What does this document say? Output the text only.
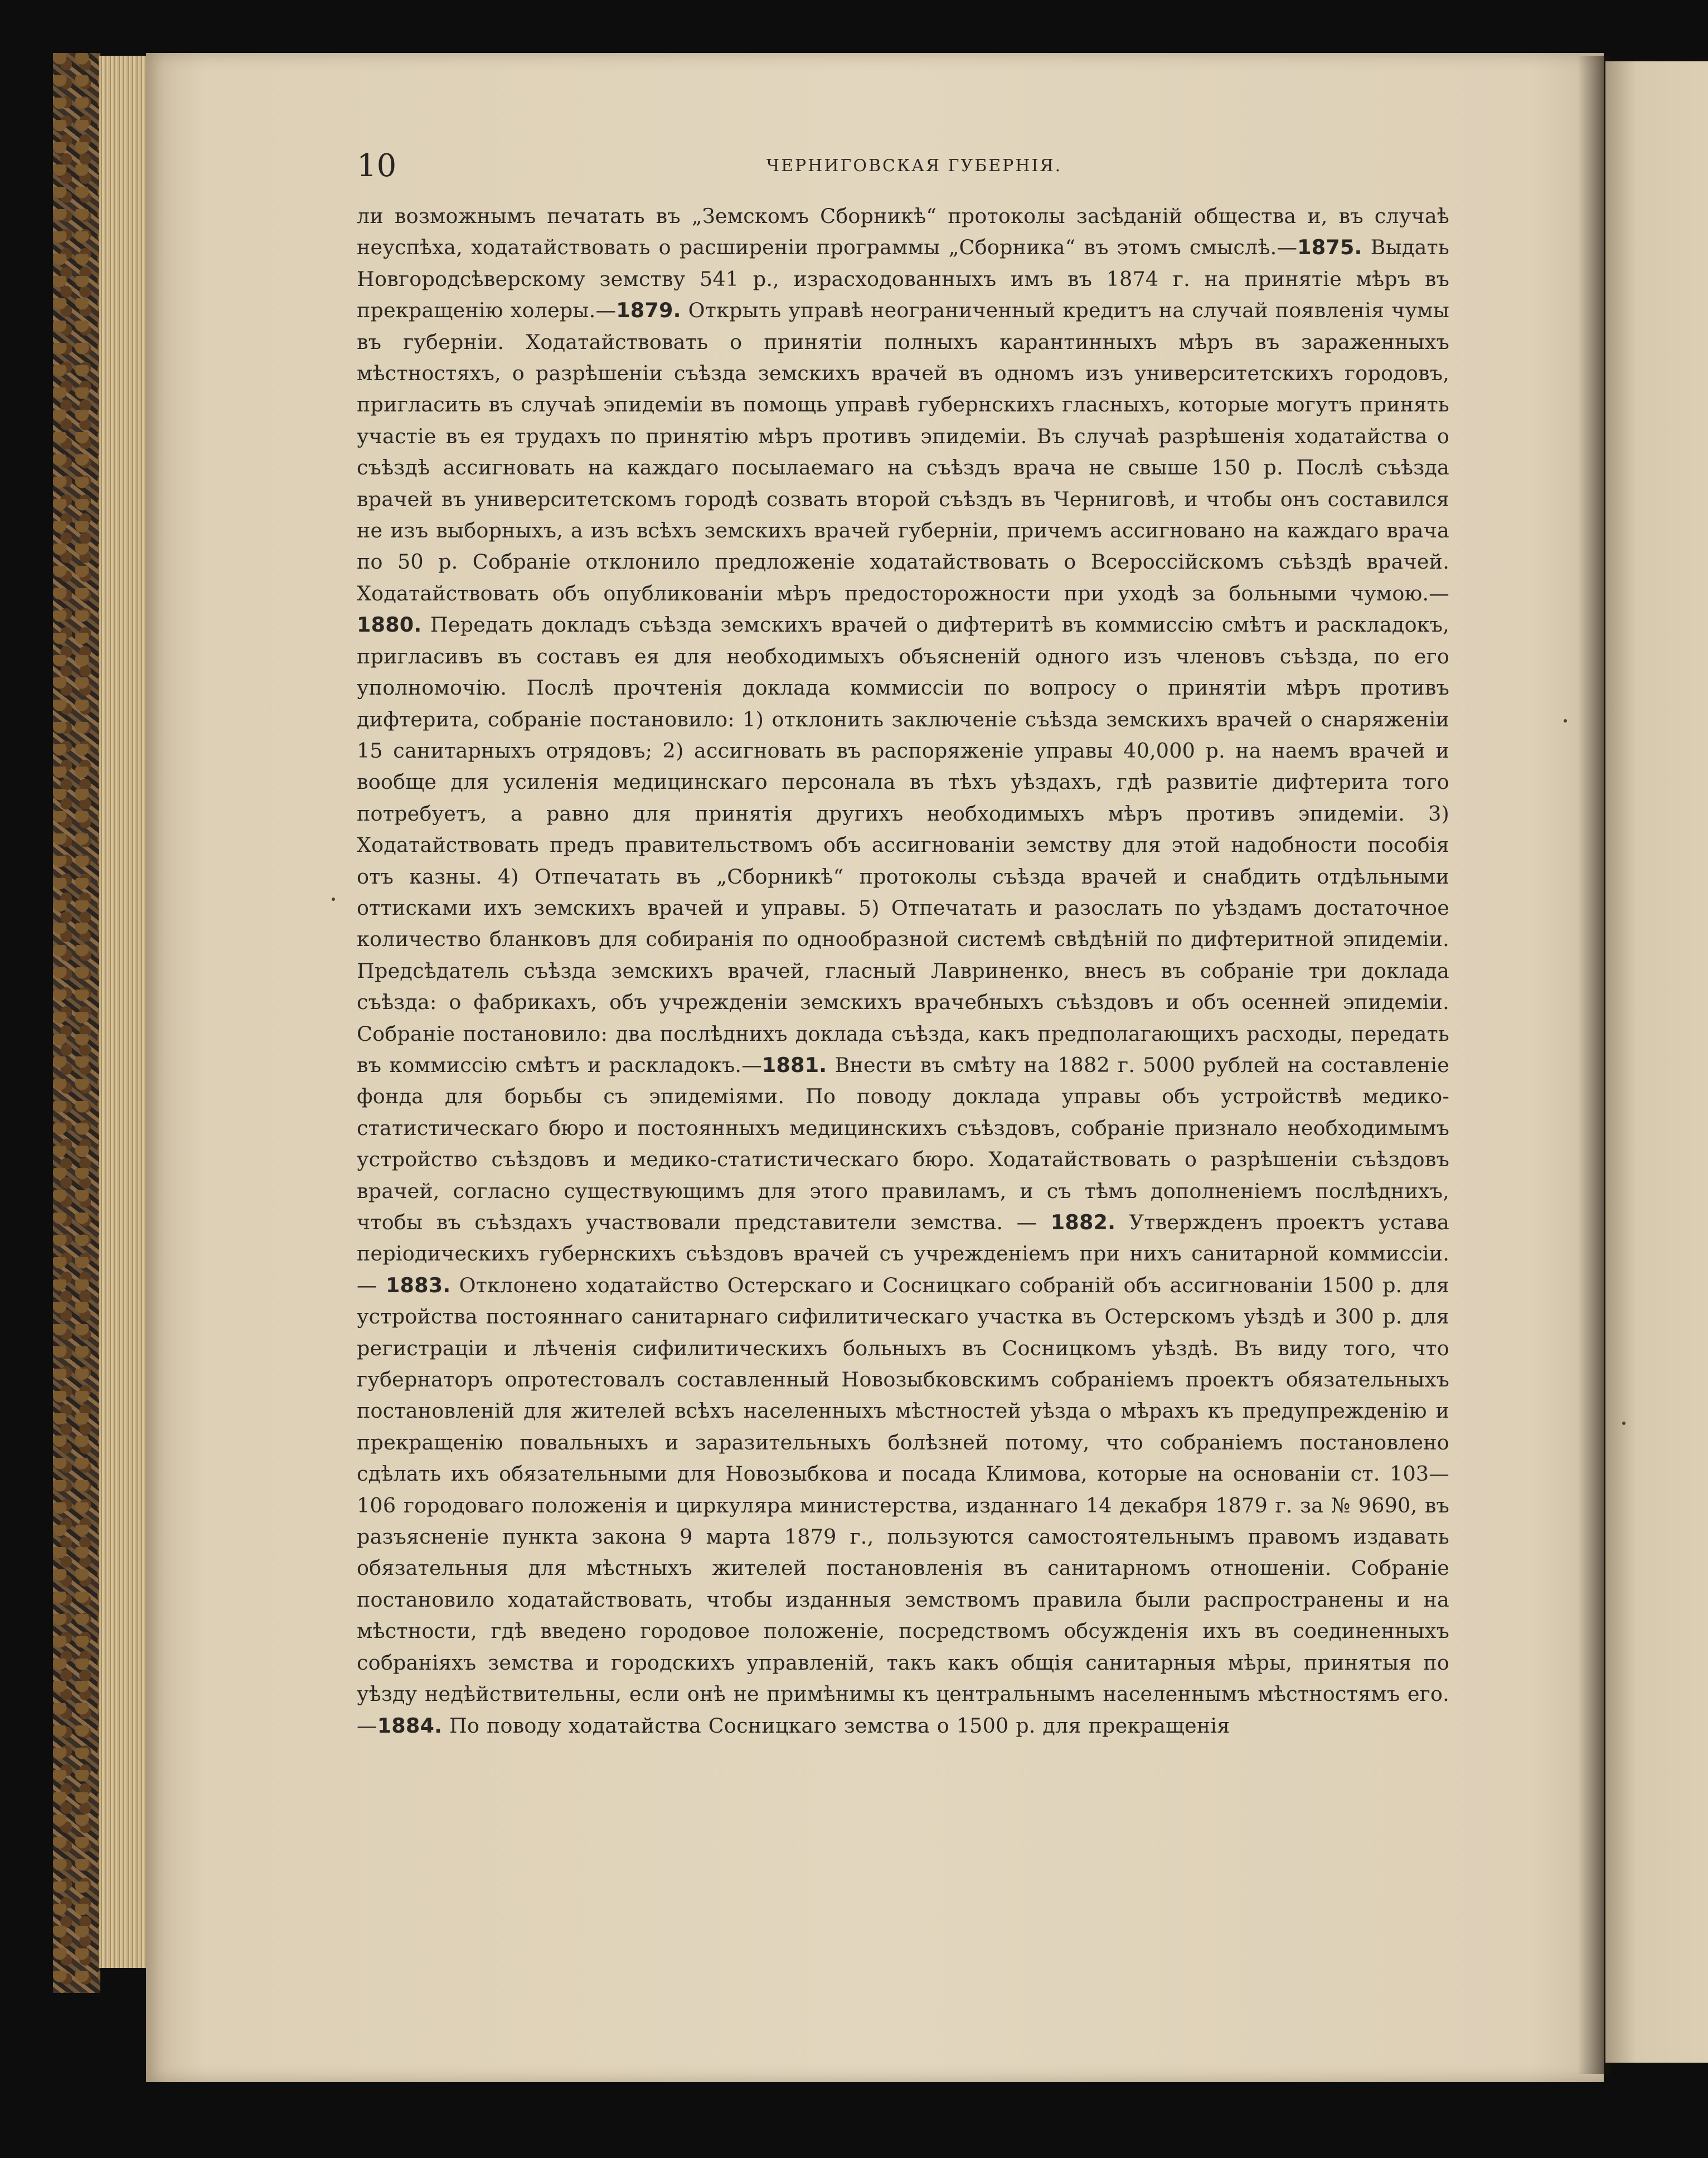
10	ЧЕРНИГОВСКАЯ ГУБЕРНІЯ.

ли возможнымъ печатать въ „Земскомъ Сборникѣ“ протоколы засѣданій общества и, въ случаѣ неуспѣха, ходатайствовать о расширеніи программы „Сборника“ въ этомъ смыслѣ.—1875. Выдать Новгородсѣверскому земству 541 р., израсходованныхъ имъ въ 1874 г. на принятіе мѣръ въ прекращенію холеры.—1879. Открыть управѣ неограниченный кредитъ на случай появленія чумы въ губерніи. Ходатайствовать о принятіи полныхъ карантинныхъ мѣръ въ зараженныхъ мѣстностяхъ, о разрѣшеніи съѣзда земскихъ врачей въ одномъ изъ университетскихъ городовъ, пригласить въ случаѣ эпидеміи въ помощь управѣ губернскихъ гласныхъ, которые могутъ принять участіе въ ея трудахъ по принятію мѣръ противъ эпидеміи. Въ случаѣ разрѣшенія ходатайства о съѣздѣ ассигновать на каждаго посылаемаго на съѣздъ врача не свыше 150 р. Послѣ съѣзда врачей въ университетскомъ городѣ созвать второй съѣздъ въ Черниговѣ, и чтобы онъ составился не изъ выборныхъ, а изъ всѣхъ земскихъ врачей губерніи, причемъ ассигновано на каждаго врача по 50 р. Собраніе отклонило предложеніе ходатайствовать о Всероссійскомъ съѣздѣ врачей. Ходатайствовать объ опубликованіи мѣръ предосторожности при уходѣ за больными чумою.—1880. Передать докладъ съѣзда земскихъ врачей о дифтеритѣ въ коммиссію смѣтъ и раскладокъ, пригласивъ въ составъ ея для необходимыхъ объясненій одного изъ членовъ съѣзда, по его уполномочію. Послѣ прочтенія доклада коммиссіи по вопросу о принятіи мѣръ противъ дифтерита, собраніе постановило: 1) отклонить заключеніе съѣзда земскихъ врачей о снаряженіи 15 санитарныхъ отрядовъ; 2) ассигновать въ распоряженіе управы 40,000 р. на наемъ врачей и вообще для усиленія медицинскаго персонала въ тѣхъ уѣздахъ, гдѣ развитіе дифтерита того потребуетъ, а равно для принятія другихъ необходимыхъ мѣръ противъ эпидеміи. 3) Ходатайствовать предъ правительствомъ объ ассигнованіи земству для этой надобности пособія отъ казны. 4) Отпечатать въ „Сборникѣ“ протоколы съѣзда врачей и снабдить отдѣльными оттисками ихъ земскихъ врачей и управы. 5) Отпечатать и разослать по уѣздамъ достаточное количество бланковъ для собиранія по однообразной системѣ свѣдѣній по дифтеритной эпидеміи. Предсѣдатель съѣзда земскихъ врачей, гласный Лавриненко, внесъ въ собраніе три доклада съѣзда: о фабрикахъ, объ учрежденіи земскихъ врачебныхъ съѣздовъ и объ осенней эпидеміи. Собраніе постановило: два послѣднихъ доклада съѣзда, какъ предполагающихъ расходы, передать въ коммиссію смѣтъ и раскладокъ.—1881. Внести въ смѣту на 1882 г. 5000 рублей на составленіе фонда для борьбы съ эпидеміями. По поводу доклада управы объ устройствѣ медико-статистическаго бюро и постоянныхъ медицинскихъ съѣздовъ, собраніе признало необходимымъ устройство съѣздовъ и медико-статистическаго бюро. Ходатайствовать о разрѣшеніи съѣздовъ врачей, согласно существующимъ для этого правиламъ, и съ тѣмъ дополненіемъ послѣднихъ, чтобы въ съѣздахъ участвовали представители земства. — 1882. Утвержденъ проектъ устава періодическихъ губернскихъ съѣздовъ врачей съ учрежденіемъ при нихъ санитарной коммиссіи. — 1883. Отклонено ходатайство Остерскаго и Сосницкаго собраній объ ассигнованіи 1500 р. для устройства постояннаго санитарнаго сифилитическаго участка въ Остерскомъ уѣздѣ и 300 р. для регистраціи и лѣченія сифилитическихъ больныхъ въ Сосницкомъ уѣздѣ. Въ виду того, что губернаторъ опротестовалъ составленный Новозыбковскимъ собраніемъ проектъ обязательныхъ постановленій для жителей всѣхъ населенныхъ мѣстностей уѣзда о мѣрахъ къ предупрежденію и прекращенію повальныхъ и заразительныхъ болѣзней потому, что собраніемъ постановлено сдѣлать ихъ обязательными для Новозыбкова и посада Климова, которые на основаніи ст. 103—106 городоваго положенія и циркуляра министерства, изданнаго 14 декабря 1879 г. за № 9690, въ разъясненіе пункта закона 9 марта 1879 г., пользуются самостоятельнымъ правомъ издавать обязательныя для мѣстныхъ жителей постановленія въ санитарномъ отношеніи. Собраніе постановило ходатайствовать, чтобы изданныя земствомъ правила были распространены и на мѣстности, гдѣ введено городовое положеніе, посредствомъ обсужденія ихъ въ соединенныхъ собраніяхъ земства и городскихъ управленій, такъ какъ общія санитарныя мѣры, принятыя по уѣзду недѣйствительны, если онѣ не примѣнимы къ центральнымъ населеннымъ мѣстностямъ его.—1884. По поводу ходатайства Сосницкаго земства о 1500 р. для прекращенія
